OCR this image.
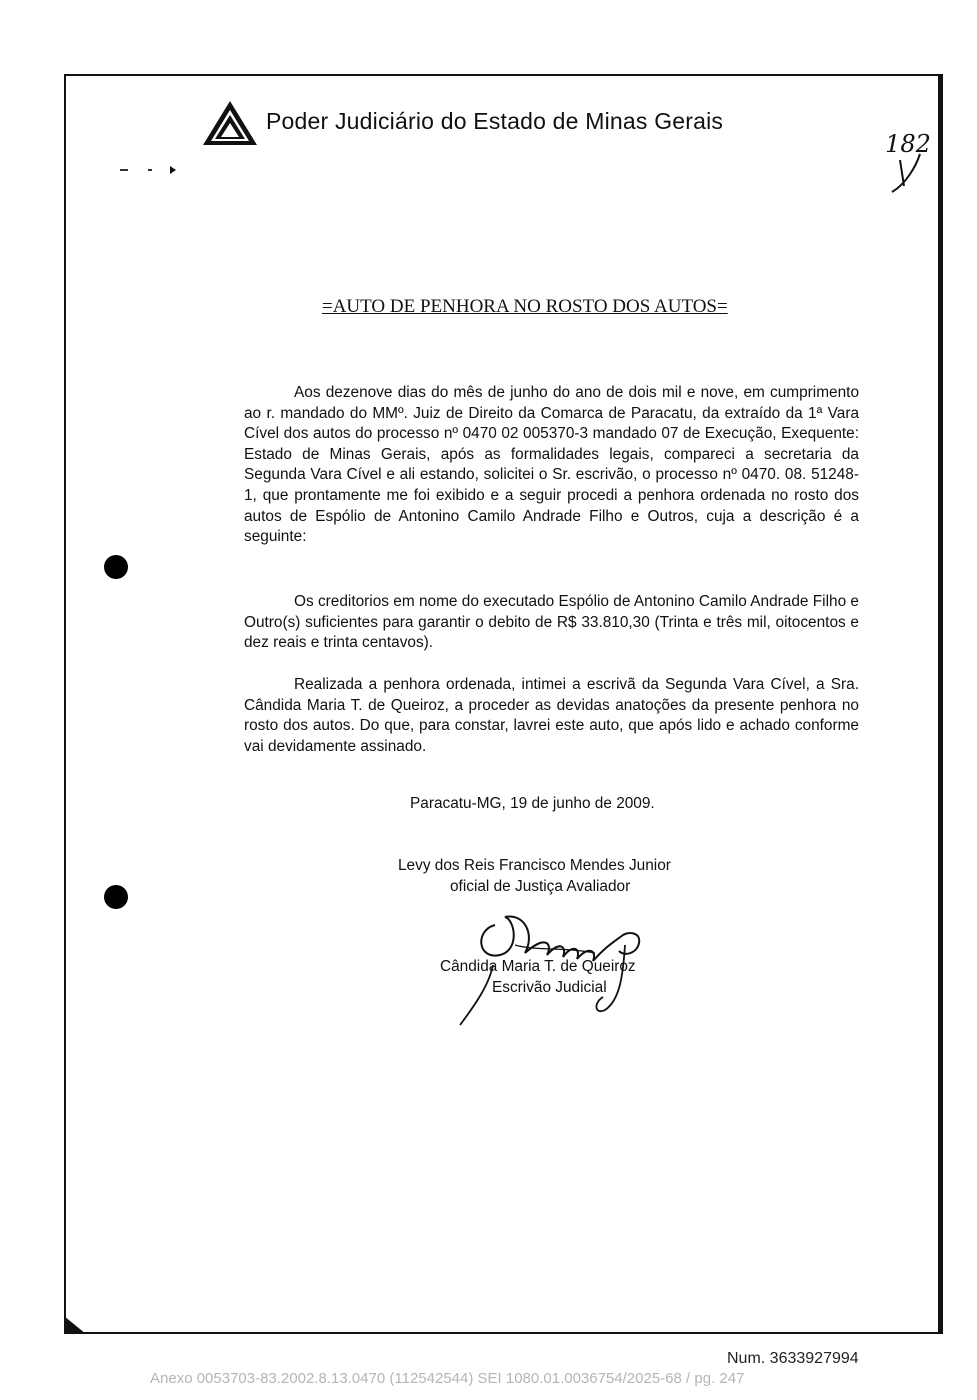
Poder Judiciário do Estado de Minas Gerais
182
=AUTO DE PENHORA NO ROSTO DOS AUTOS=

Aos dezenove dias do mês de junho do ano de dois mil e nove, em cumprimento ao r. mandado do MMº. Juiz de Direito da Comarca de Paracatu, da extraído da 1ª Vara Cível dos autos do processo nº 0470 02 005370-3 mandado 07 de Execução, Exequente: Estado de Minas Gerais, após as formalidades legais, compareci a secretaria da Segunda Vara Cível e ali estando, solicitei o Sr. escrivão, o processo nº 0470. 08. 51248-1, que prontamente me foi exibido e a seguir procedi a penhora ordenada no rosto dos autos de Espólio de Antonino Camilo Andrade Filho e Outros, cuja a descrição é a seguinte:

Os creditorios em nome do executado Espólio de Antonino Camilo Andrade Filho e Outro(s) suficientes para garantir o debito de R$ 33.810,30 (Trinta e três mil, oitocentos e dez reais e trinta centavos).

Realizada a penhora ordenada, intimei a escrivã da Segunda Vara Cível, a Sra. Cândida Maria T. de Queiroz, a proceder as devidas anatoções da presente penhora no rosto dos autos. Do que, para constar, lavrei este auto, que após lido e achado conforme vai devidamente assinado.

Paracatu-MG, 19 de junho de 2009.
Levy dos Reis Francisco Mendes Junior
oficial de Justiça Avaliador
Cândida Maria T. de Queiroz
Escrivão Judicial
Num. 3633927994
Anexo 0053703-83.2002.8.13.0470 (112542544) SEI 1080.01.0036754/2025-68 / pg. 247
